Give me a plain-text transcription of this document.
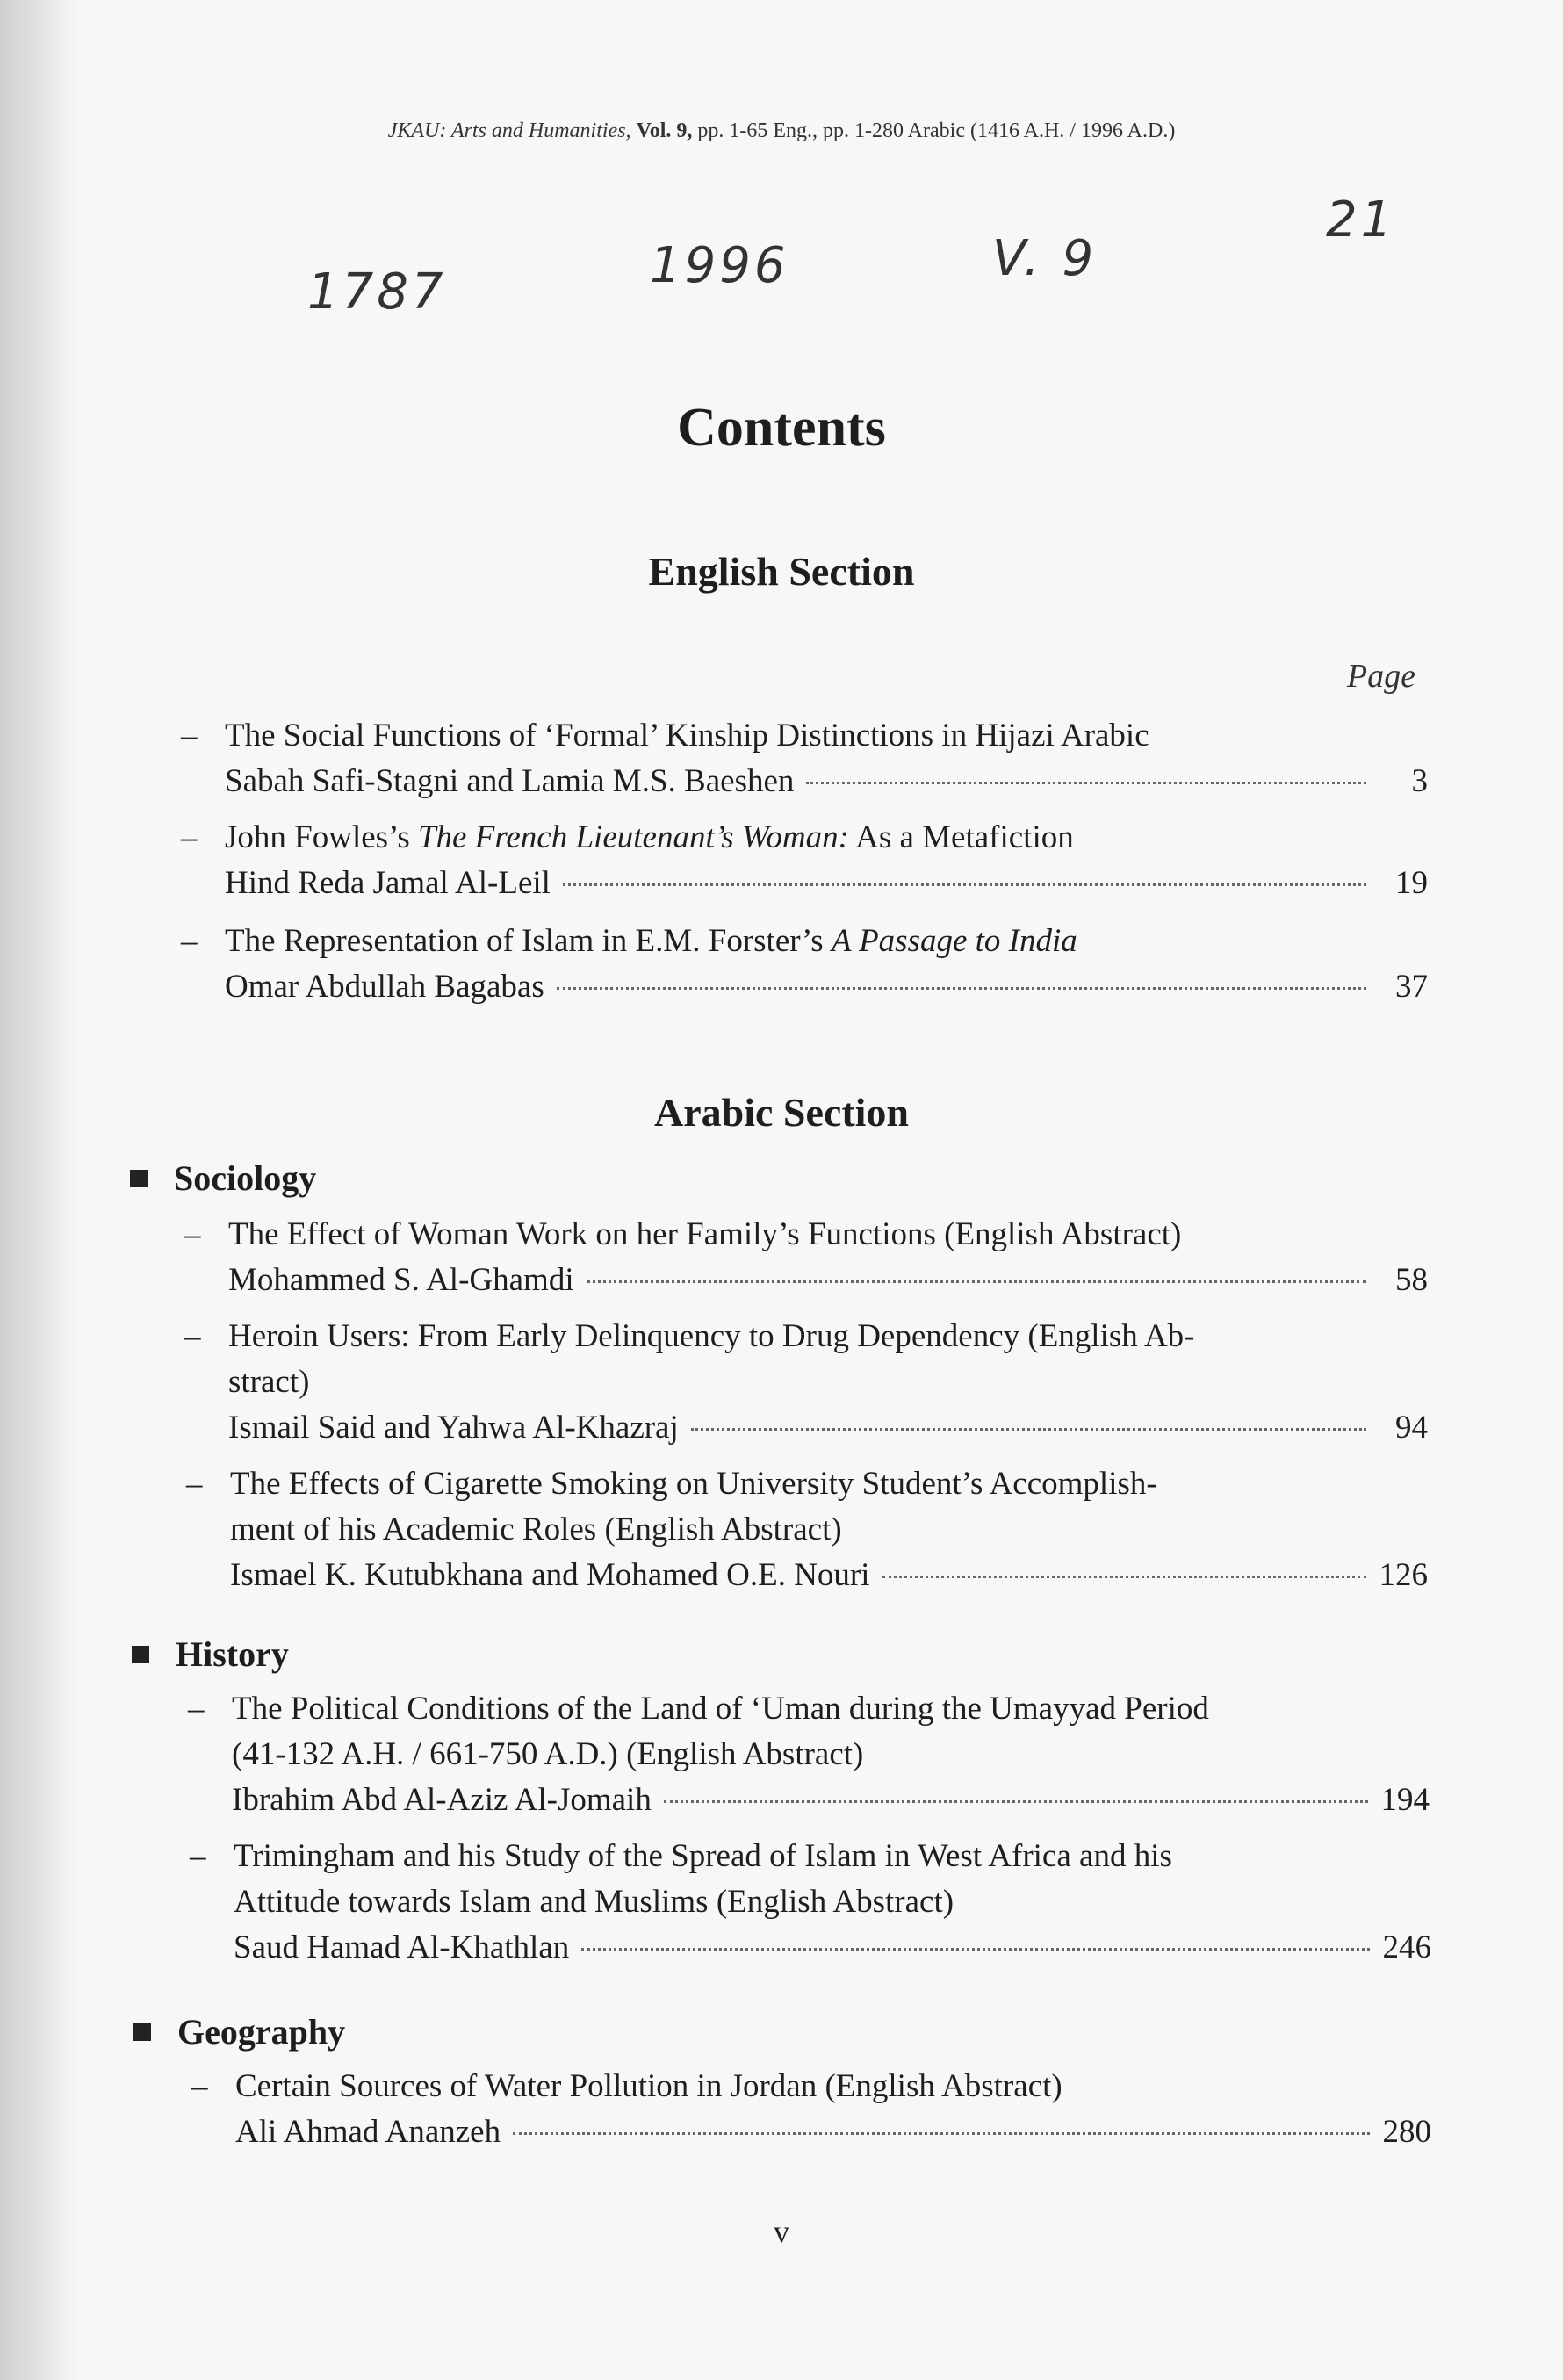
JKAU: Arts and Humanities, Vol. 9, pp. 1-65 Eng., pp. 1-280 Arabic (1416 A.H. / 1996 A.D.)
1787	1996	V. 9
21
Contents
English Section
Page
– The Social Functions of ‘Formal’ Kinship Distinctions in Hijazi Arabic
Sabah Safi-Stagni and Lamia M.S. Baeshen	3
– John Fowles’s The French Lieutenant’s Woman: As a Metafiction
Hind Reda Jamal Al-Leil	19
– The Representation of Islam in E.M. Forster’s A Passage to India
Omar Abdullah Bagabas	37
Arabic Section
Sociology
– The Effect of Woman Work on her Family’s Functions (English Abstract)
Mohammed S. Al-Ghamdi	58
– Heroin Users: From Early Delinquency to Drug Dependency (English Ab-
stract)
Ismail Said and Yahwa Al-Khazraj	94
– The Effects of Cigarette Smoking on University Student’s Accomplish-
ment of his Academic Roles (English Abstract)
Ismael K. Kutubkhana and Mohamed O.E. Nouri	126
History
– The Political Conditions of the Land of ‘Uman during the Umayyad Period
(41-132 A.H. / 661-750 A.D.) (English Abstract)
Ibrahim Abd Al-Aziz Al-Jomaih	194
– Trimingham and his Study of the Spread of Islam in West Africa and his
Attitude towards Islam and Muslims (English Abstract)
Saud Hamad Al-Khathlan	246
Geography
– Certain Sources of Water Pollution in Jordan (English Abstract)
Ali Ahmad Ananzeh	280
v
